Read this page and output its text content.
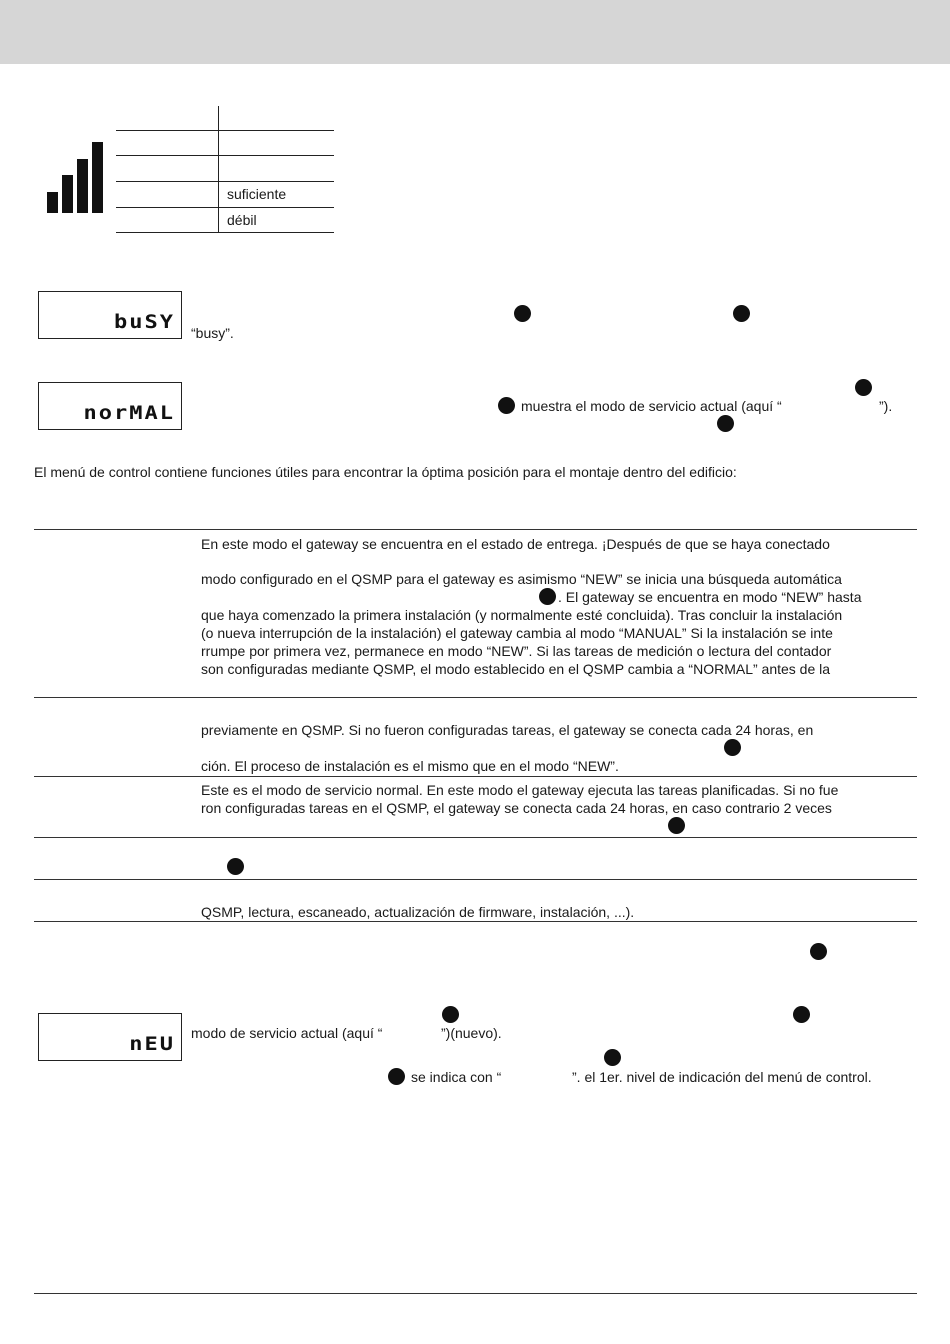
suficiente
débil
buSY “busy”.
norMAL	muestra el modo de servicio actual (aquí “	”).
El menú de control contiene funciones útiles para encontrar la óptima posición para el montaje dentro del edificio:
En este modo el gateway se encuentra en el estado de entrega. ¡Después de que se haya conectado
modo configurado en el QSMP para el gateway es asimismo “NEW” se inicia una búsqueda automática
. El gateway se encuentra en modo “NEW” hasta
que haya comenzado la primera instalación (y normalmente esté concluida). Tras concluir la instalación
(o nueva interrupción de la instalación) el gateway cambia al modo “MANUAL” Si la instalación se inte
rrumpe por primera vez, permanece en modo “NEW”. Si las tareas de medición o lectura del contador
son configuradas mediante QSMP, el modo establecido en el QSMP cambia a “NORMAL” antes de la
previamente en QSMP. Si no fueron configuradas tareas, el gateway se conecta cada 24 horas, en
ción. El proceso de instalación es el mismo que en el modo “NEW”.
Este es el modo de servicio normal. En este modo el gateway ejecuta las tareas planificadas. Si no fue
ron configuradas tareas en el QSMP, el gateway se conecta cada 24 horas, en caso contrario 2 veces
QSMP, lectura, escaneado, actualización de firmware, instalación, ...).
nEU
modo de servicio actual (aquí “	”)(nuevo).
se indica con “	”. el 1er. nivel de indicación del menú de control.
